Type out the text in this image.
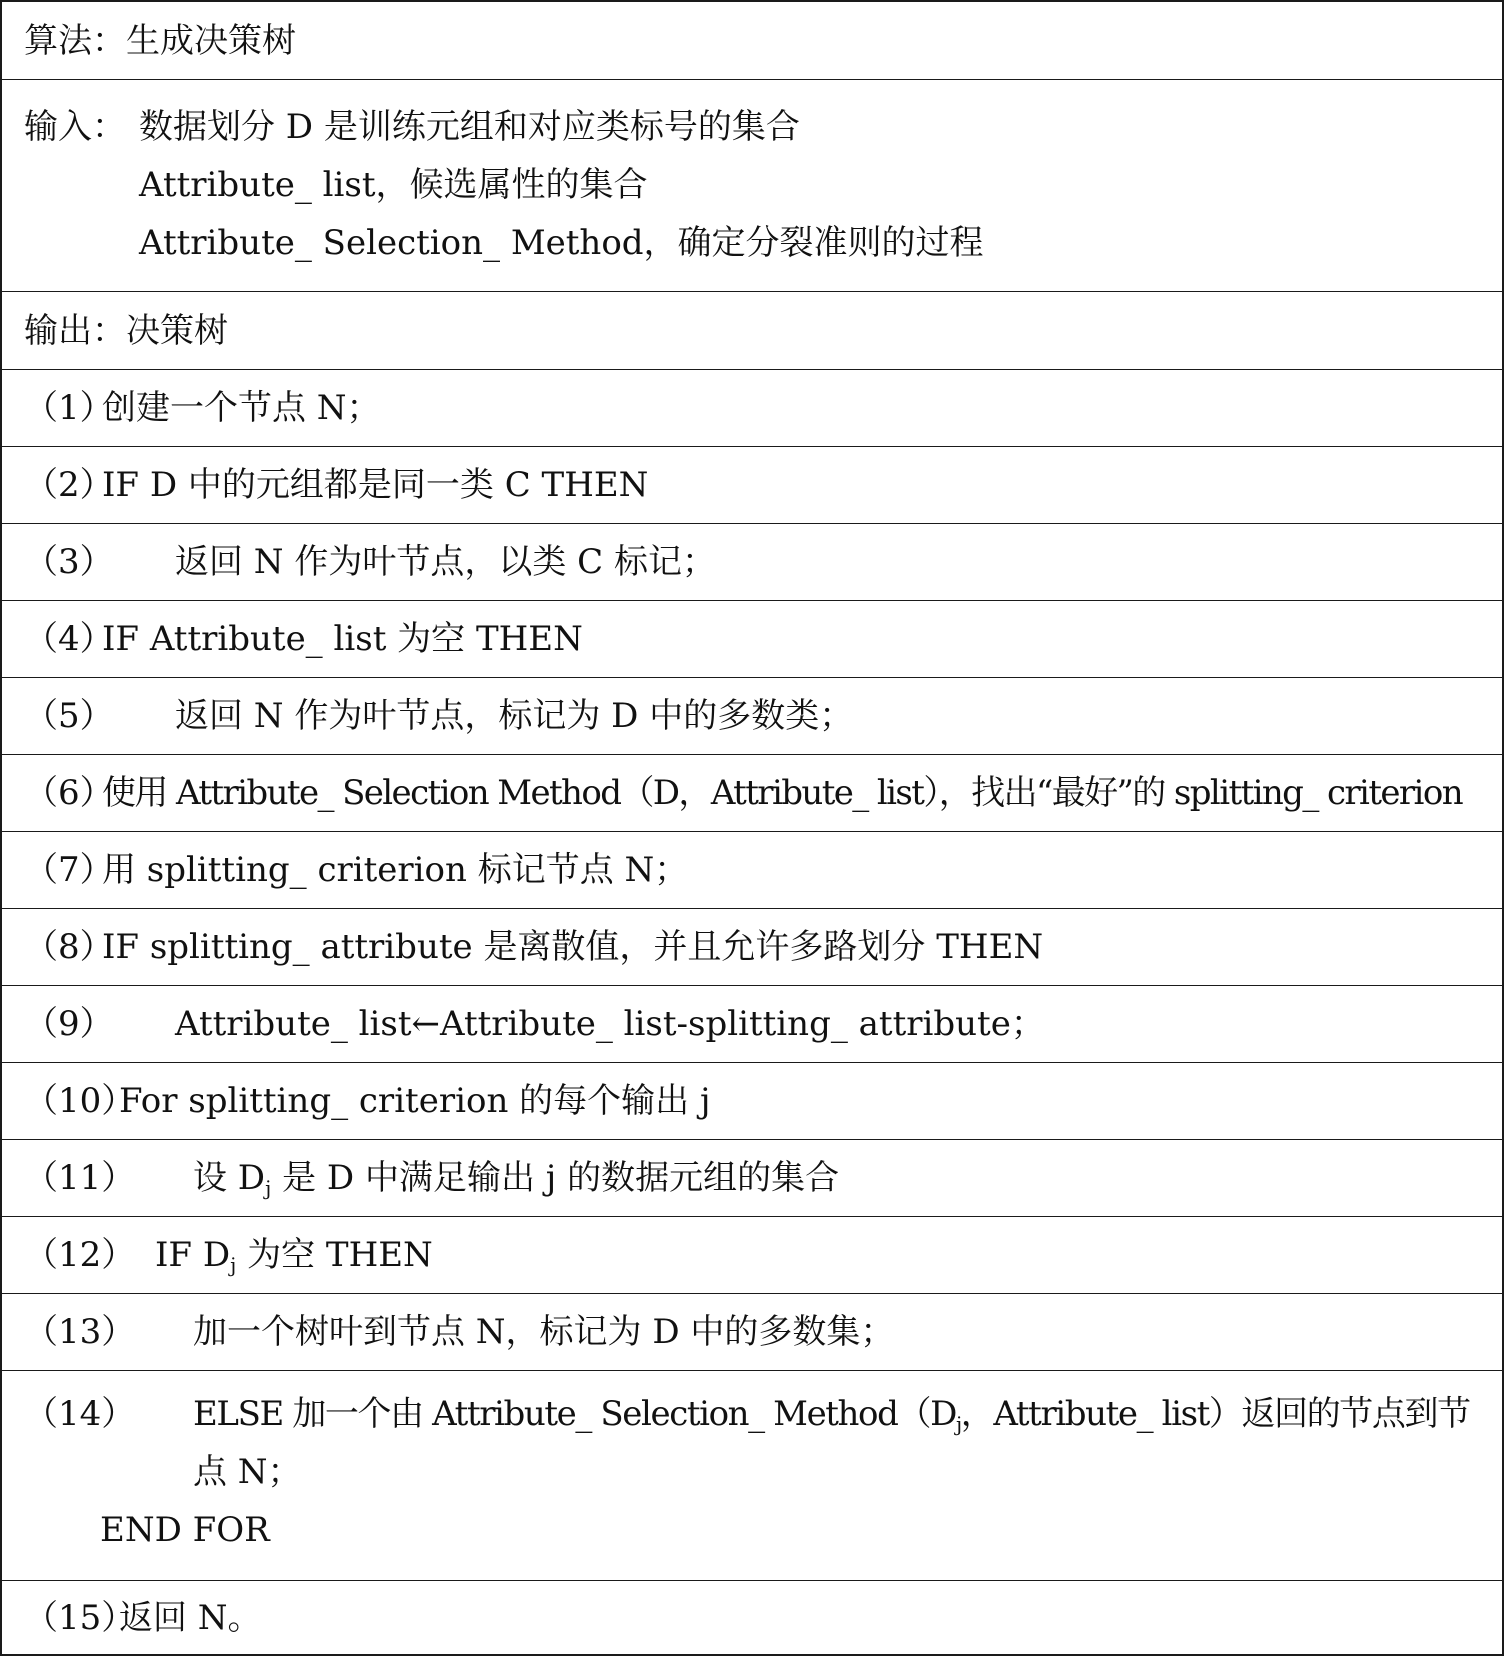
算法：生成决策树
输入： 数据划分 D 是训练元组和对应类标号的集合
Attribute_ list，候选属性的集合
Attribute_ Selection_ Method，确定分裂准则的过程
输出：决策树
（1）
创建一个节点 N；
（2）
IF D 中的元组都是同一类 C THEN
（3） 返回 N 作为叶节点，以类 C 标记；
（4）
IF Attribute_ list 为空 THEN
（5） 返回 N 作为叶节点，标记为 D 中的多数类；
（6）
使用 Attribute_ Selection Method（D，Attribute_ list），找出“最好”的 splitting_ criterion
（7）
用 splitting_ criterion 标记节点 N；
（8）
IF splitting_ attribute 是离散值，并且允许多路划分 THEN
（9） Attribute_ list←Attribute_ list-splitting_ attribute；
（10）
For splitting_ criterion 的每个输出 j
（11） 设 $D_j$ 是 D 中满足输出 j 的数据元组的集合
（12） IF $D_j$ 为空 THEN
（13） 加一个树叶到节点 N，标记为 D 中的多数集；
（14） ELSE 加一个由 Attribute_ Selection_ $Method(D_j$，Attribute_ list）返回的节点到节
点 N；
END FOR
（15）
返回 N。
